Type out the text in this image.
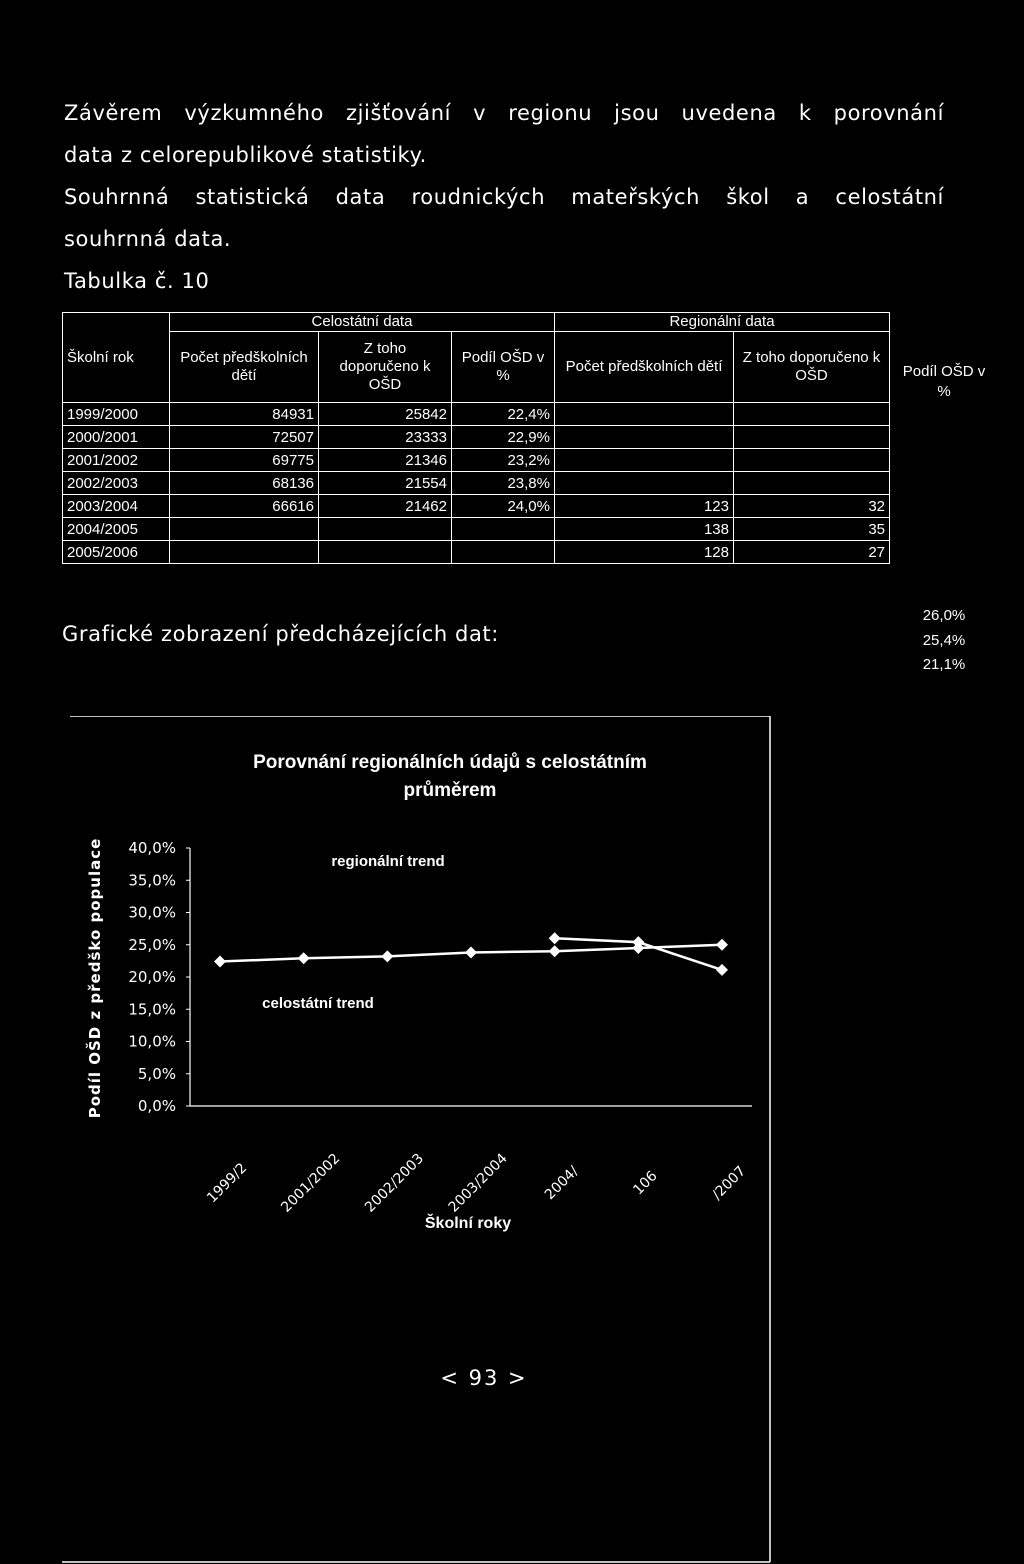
Závěrem výzkumného zjišťování v regionu jsou uvedena k porovnání

data z celorepublikové statistiky.

Souhrnná statistická data roudnických mateřských škol a celostátní

souhrnná data.

Tabulka č. 10

Školní rok	Celostátní data			Regionální data	
	Počet předškolních dětí	Z toho doporučeno k OŠD	Podíl OŠD v %	Počet předškolních dětí	Z toho doporučeno k OŠD
1999/2000	84931	25842	22,4%		
2000/2001	72507	23333	22,9%		
2001/2002	69775	21346	23,2%		
2002/2003	68136	21554	23,8%		
2003/2004	66616	21462	24,0%	123	32
2004/2005				138	35
2005/2006				128	27
Podíl OŠD v %
26,0%
25,4%
21,1%

Grafické zobrazení předcházejících dat:

Porovnání regionálních údajů s celostátním průměrem
40,0%
35,0%
30,0%
25,0%
20,0%
15,0%
10,0%
5,0%
0,0%
Podíl OŠD z předško populace
1999/2 2001/2002 2002/2003 2003/2004 2004/	106	/2007
Školní roky
regionální trend
celostátní trend
< 93 >
